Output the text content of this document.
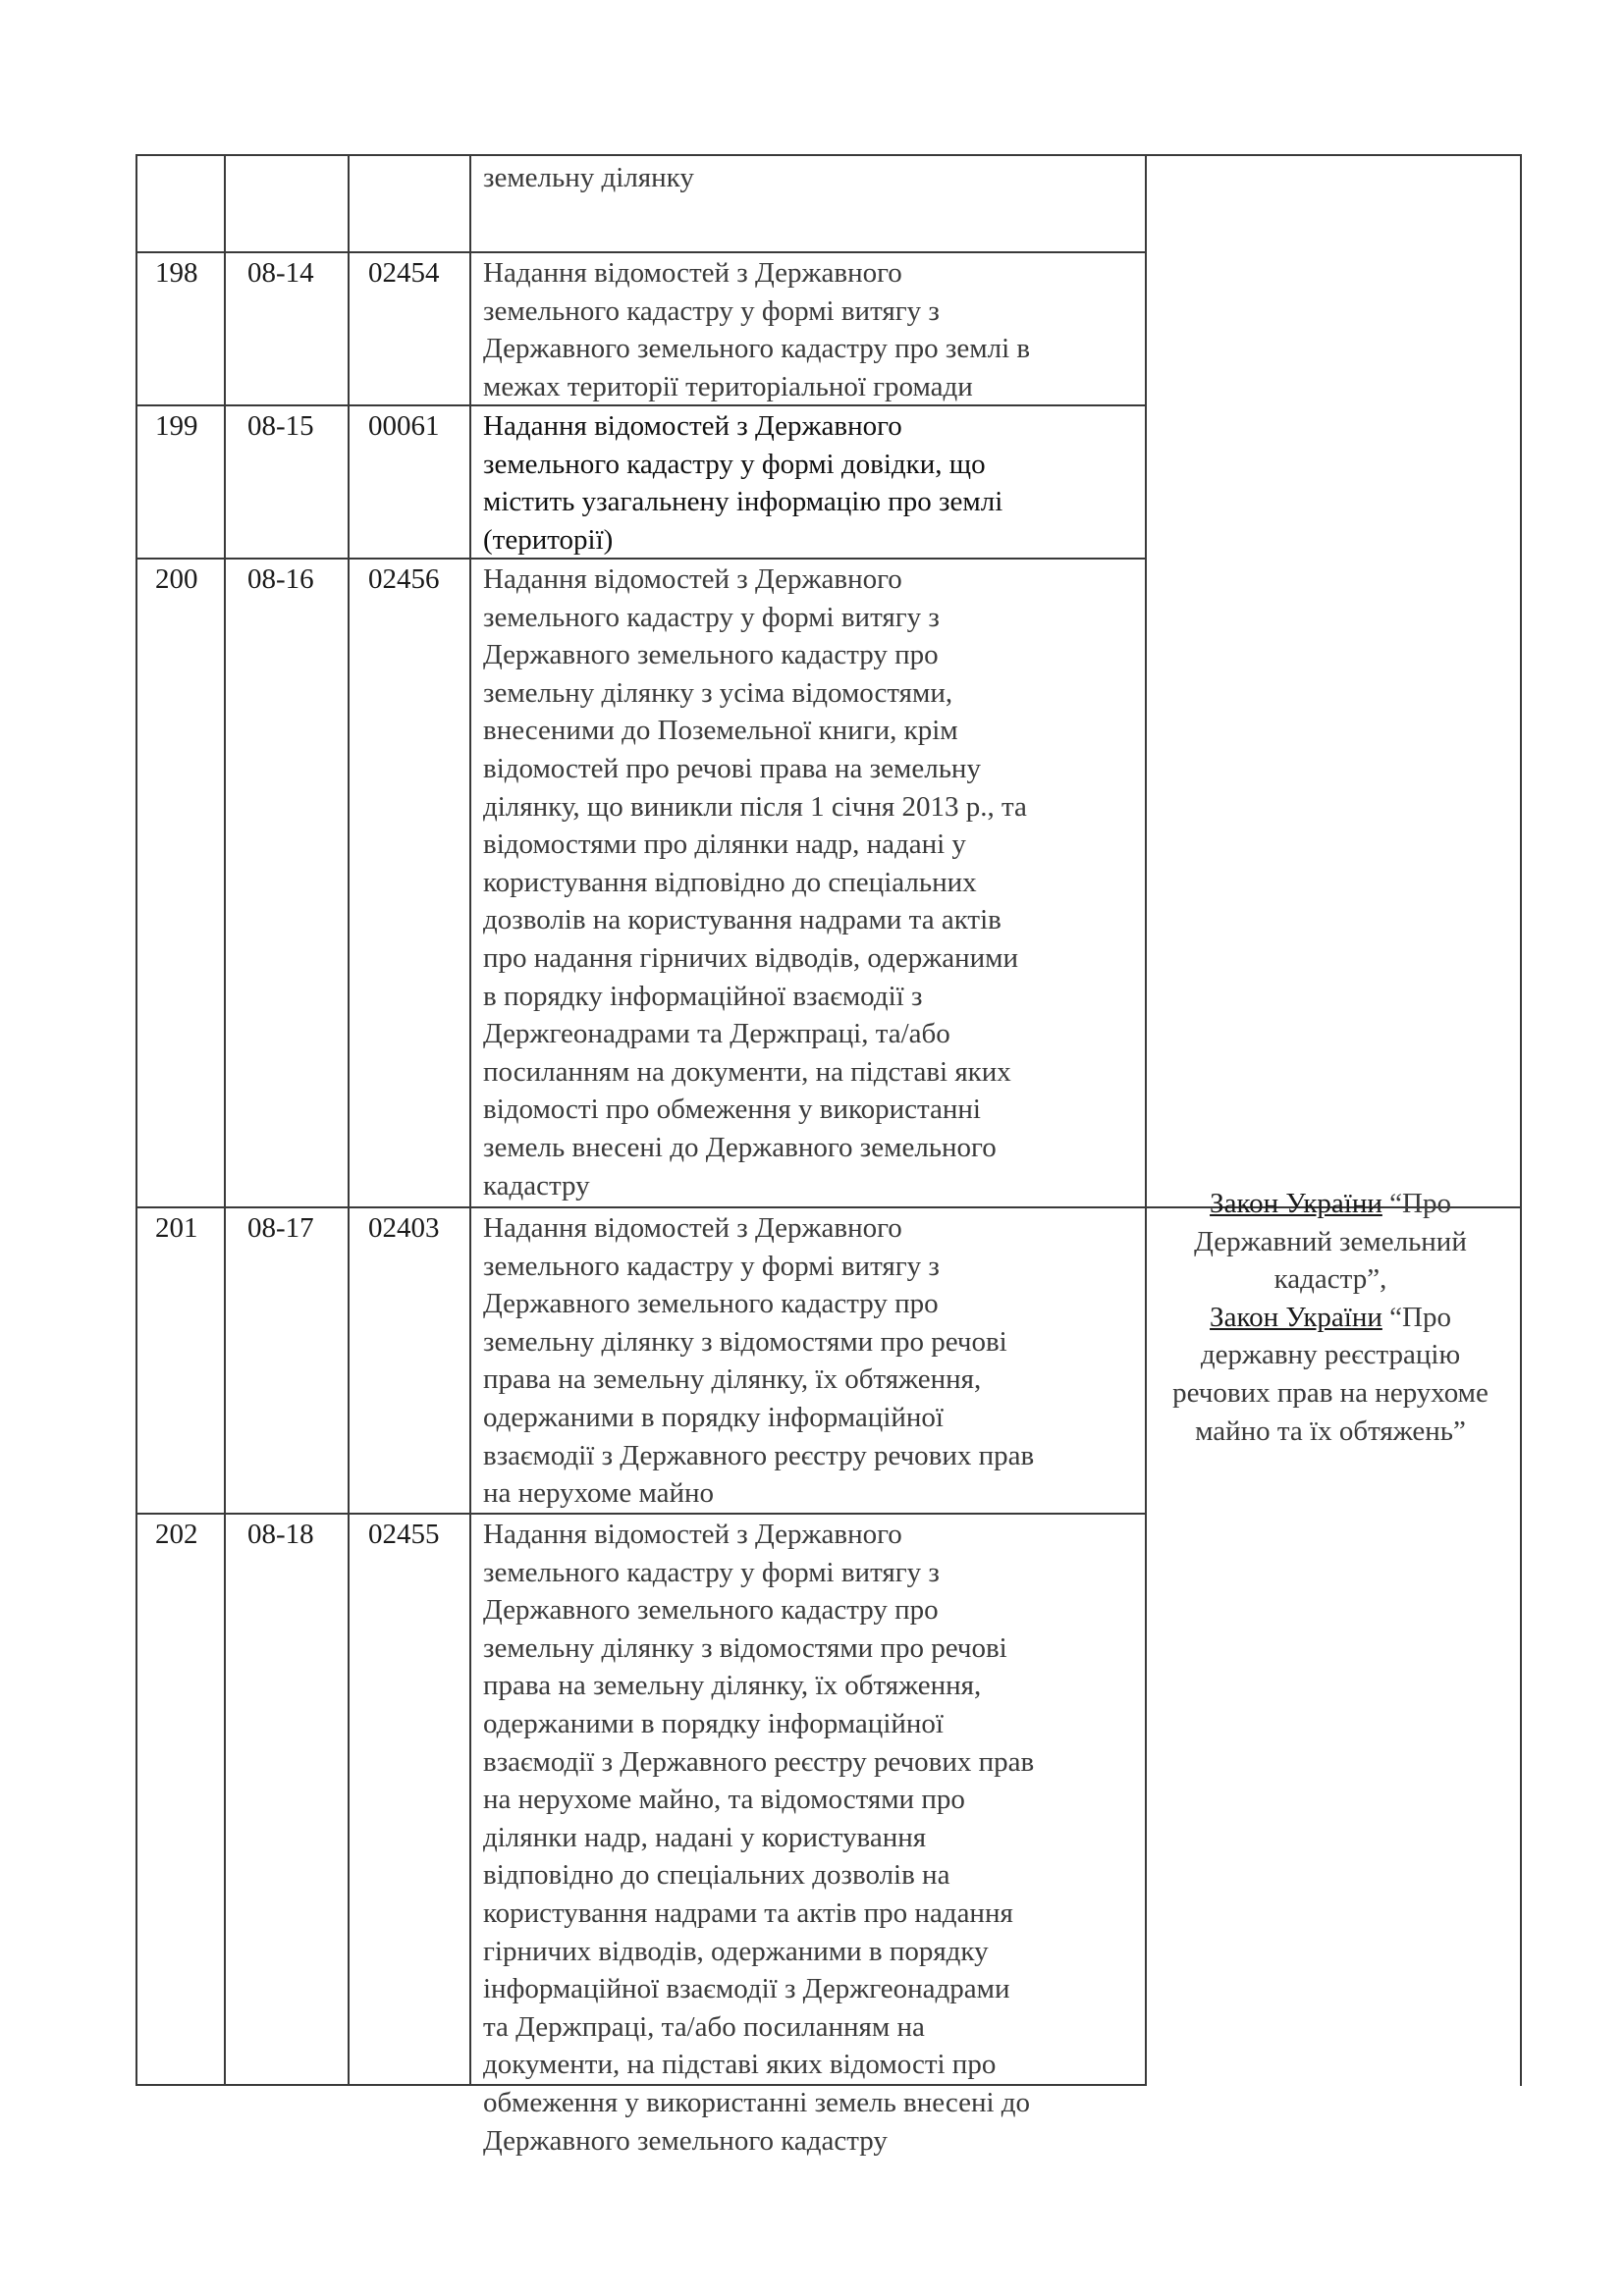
земельну ділянку
198 08-14 02454 Надання відомостей з Державного
земельного кадастру у формі витягу з
Державного земельного кадастру про землі в
межах території територіальної громади
199 08-15 00061 Надання відомостей з Державного
земельного кадастру у формі довідки, що
містить узагальнену інформацію про землі
(території)
200 08-16 02456 Надання відомостей з Державного
земельного кадастру у формі витягу з
Державного земельного кадастру про
земельну ділянку з усіма відомостями,
внесеними до Поземельної книги, крім
відомостей про речові права на земельну
ділянку, що виникли після 1 січня 2013 р., та
відомостями про ділянки надр, надані у
користування відповідно до спеціальних
дозволів на користування надрами та актів
про надання гірничих відводів, одержаними
в порядку інформаційної взаємодії з
Держгеонадрами та Держпраці, та/або
посиланням на документи, на підставі яких
відомості про обмеження у використанні
земель внесені до Державного земельного
кадастру
201 08-17 02403 Надання відомостей з Державного
земельного кадастру у формі витягу з
Державного земельного кадастру про
земельну ділянку з відомостями про речові
права на земельну ділянку, їх обтяження,
одержаними в порядку інформаційної
взаємодії з Державного реєстру речових прав
на нерухоме майно
202 08-18 02455 Надання відомостей з Державного
земельного кадастру у формі витягу з
Державного земельного кадастру про
земельну ділянку з відомостями про речові
права на земельну ділянку, їх обтяження,
одержаними в порядку інформаційної
взаємодії з Державного реєстру речових прав
на нерухоме майно, та відомостями про
ділянки надр, надані у користування
відповідно до спеціальних дозволів на
користування надрами та актів про надання
гірничих відводів, одержаними в порядку
інформаційної взаємодії з Держгеонадрами
та Держпраці, та/або посиланням на
документи, на підставі яких відомості про
обмеження у використанні земель внесені до
Державного земельного кадастру
Закон України “Про
Державний земельний
кадастр”,
Закон України “Про
державну реєстрацію
речових прав на нерухоме
майно та їх обтяжень”
